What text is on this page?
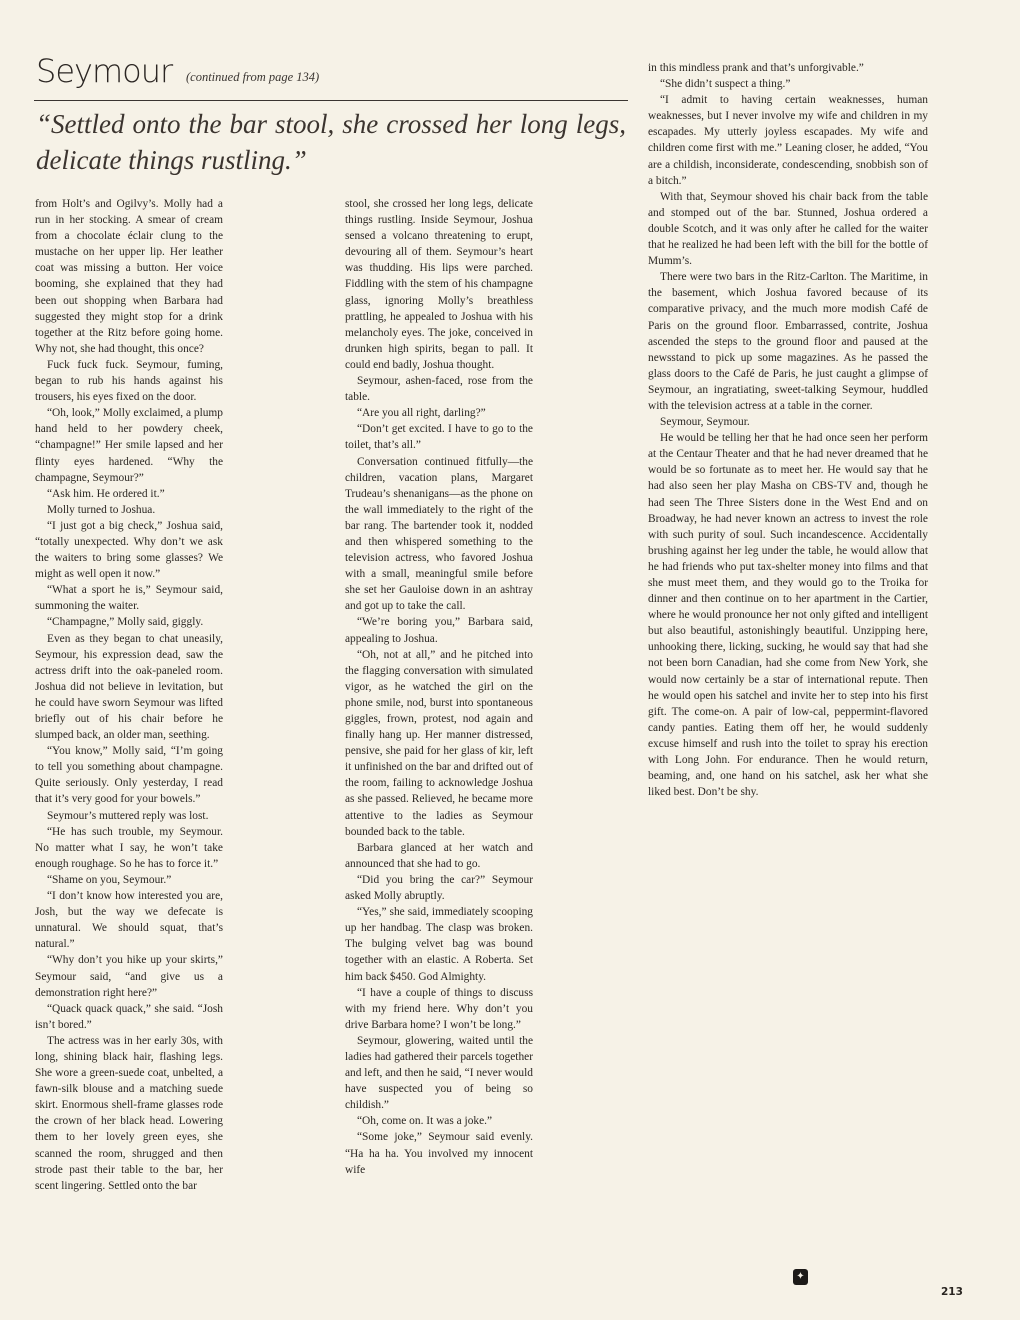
Seymour (continued from page 134)
“Settled onto the bar stool, she crossed her long legs, delicate things rustling.”

from Holt’s and Ogilvy’s. Molly had a run in her stocking. A smear of cream from a chocolate éclair clung to the mustache on her upper lip. Her leather coat was missing a button. Her voice booming, she explained that they had been out shopping when Barbara had suggested they might stop for a drink together at the Ritz before going home. Why not, she had thought, this once?

Fuck fuck fuck. Seymour, fuming, began to rub his hands against his trousers, his eyes fixed on the door.

“Oh, look,” Molly exclaimed, a plump hand held to her powdery cheek, “champagne!” Her smile lapsed and her flinty eyes hardened. “Why the champagne, Seymour?”

“Ask him. He ordered it.”

Molly turned to Joshua.

“I just got a big check,” Joshua said, “totally unexpected. Why don’t we ask the waiters to bring some glasses? We might as well open it now.”

“What a sport he is,” Seymour said, summoning the waiter.

“Champagne,” Molly said, giggly.

Even as they began to chat uneasily, Seymour, his expression dead, saw the actress drift into the oak-paneled room. Joshua did not believe in levitation, but he could have sworn Seymour was lifted briefly out of his chair before he slumped back, an older man, seething.

“You know,” Molly said, “I’m going to tell you something about champagne. Quite seriously. Only yesterday, I read that it’s very good for your bowels.”

Seymour’s muttered reply was lost.

“He has such trouble, my Seymour. No matter what I say, he won’t take enough roughage. So he has to force it.”

“Shame on you, Seymour.”

“I don’t know how interested you are, Josh, but the way we defecate is unnatural. We should squat, that’s natural.”

“Why don’t you hike up your skirts,” Seymour said, “and give us a demonstration right here?”

“Quack quack quack,” she said. “Josh isn’t bored.”

The actress was in her early 30s, with long, shining black hair, flashing legs. She wore a green-suede coat, unbelted, a fawn-silk blouse and a matching suede skirt. Enormous shell-frame glasses rode the crown of her black head. Lowering them to her lovely green eyes, she scanned the room, shrugged and then strode past their table to the bar, her scent lingering. Settled onto the bar

stool, she crossed her long legs, delicate things rustling. Inside Seymour, Joshua sensed a volcano threatening to erupt, devouring all of them. Seymour’s heart was thudding. His lips were parched. Fiddling with the stem of his champagne glass, ignoring Molly’s breathless prattling, he appealed to Joshua with his melancholy eyes. The joke, conceived in drunken high spirits, began to pall. It could end badly, Joshua thought.

Seymour, ashen-faced, rose from the table.

“Are you all right, darling?”

“Don’t get excited. I have to go to the toilet, that’s all.”

Conversation continued fitfully—the children, vacation plans, Margaret Trudeau’s shenanigans—as the phone on the wall immediately to the right of the bar rang. The bartender took it, nodded and then whispered something to the television actress, who favored Joshua with a small, meaningful smile before she set her Gauloise down in an ashtray and got up to take the call.

“We’re boring you,” Barbara said, appealing to Joshua.

“Oh, not at all,” and he pitched into the flagging conversation with simulated vigor, as he watched the girl on the phone smile, nod, burst into spontaneous giggles, frown, protest, nod again and finally hang up. Her manner distressed, pensive, she paid for her glass of kir, left it unfinished on the bar and drifted out of the room, failing to acknowledge Joshua as she passed. Relieved, he became more attentive to the ladies as Seymour bounded back to the table.

Barbara glanced at her watch and announced that she had to go.

“Did you bring the car?” Seymour asked Molly abruptly.

“Yes,” she said, immediately scooping up her handbag. The clasp was broken. The bulging velvet bag was bound together with an elastic. A Roberta. Set him back $450. God Almighty.

“I have a couple of things to discuss with my friend here. Why don’t you drive Barbara home? I won’t be long.”

Seymour, glowering, waited until the ladies had gathered their parcels together and left, and then he said, “I never would have suspected you of being so childish.”

“Oh, come on. It was a joke.”

“Some joke,” Seymour said evenly. “Ha ha ha. You involved my innocent wife

in this mindless prank and that’s unforgivable.”

“She didn’t suspect a thing.”

“I admit to having certain weaknesses, human weaknesses, but I never involve my wife and children in my escapades. My utterly joyless escapades. My wife and children come first with me.” Leaning closer, he added, “You are a childish, inconsiderate, condescending, snobbish son of a bitch.”

With that, Seymour shoved his chair back from the table and stomped out of the bar. Stunned, Joshua ordered a double Scotch, and it was only after he called for the waiter that he realized he had been left with the bill for the bottle of Mumm’s.

There were two bars in the Ritz-Carlton. The Maritime, in the basement, which Joshua favored because of its comparative privacy, and the much more modish Café de Paris on the ground floor. Embarrassed, contrite, Joshua ascended the steps to the ground floor and paused at the newsstand to pick up some magazines. As he passed the glass doors to the Café de Paris, he just caught a glimpse of Seymour, an ingratiating, sweet-talking Seymour, huddled with the television actress at a table in the corner.

Seymour, Seymour.

He would be telling her that he had once seen her perform at the Centaur Theater and that he had never dreamed that he would be so fortunate as to meet her. He would say that he had also seen her play Masha on CBS-TV and, though he had seen The Three Sisters done in the West End and on Broadway, he had never known an actress to invest the role with such purity of soul. Such incandescence. Accidentally brushing against her leg under the table, he would allow that he had friends who put tax-shelter money into films and that she must meet them, and they would go to the Troika for dinner and then continue on to her apartment in the Cartier, where he would pronounce her not only gifted and intelligent but also beautiful, astonishingly beautiful. Unzipping here, unhooking there, licking, sucking, he would say that had she not been born Canadian, had she come from New York, she would now certainly be a star of international repute. Then he would open his satchel and invite her to step into his first gift. The come-on. A pair of low-cal, peppermint-flavored candy panties. Eating them off her, he would suddenly excuse himself and rush into the toilet to spray his erection with Long John. For endurance. Then he would return, beaming, and, one hand on his satchel, ask her what she liked best. Don’t be shy.

✦
213
